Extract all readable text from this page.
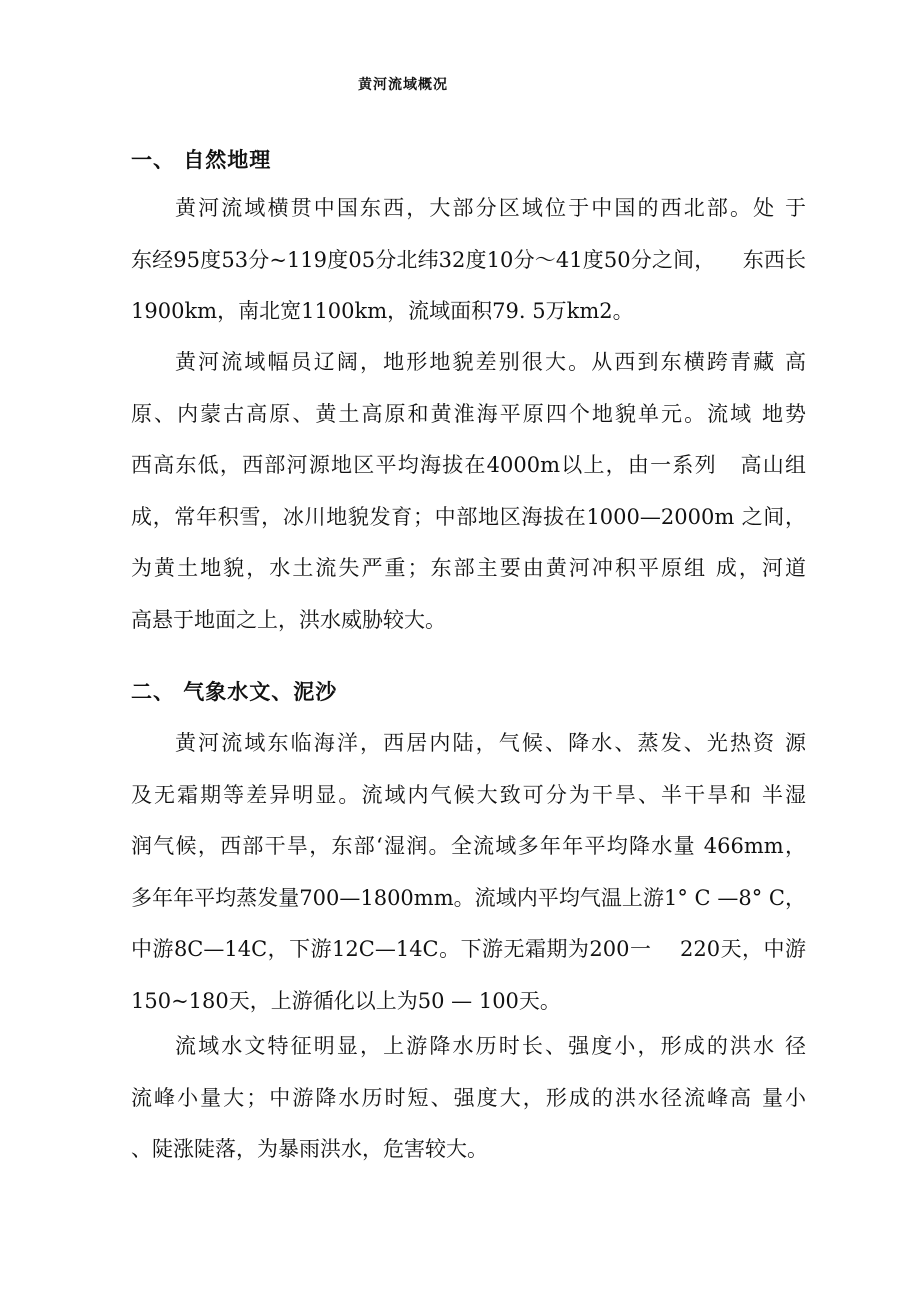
黄河流域概况
一、 自然地理

黄河流域横贯中国东西，大部分区域位于中国的西北部。处 于
东经95度53分~119度05分北纬32度10分～41度50分之间，    东西长
1900km，南北宽1100km，流域面积79. 5万km2。

黄河流域幅员辽阔，地形地貌差别很大。从西到东横跨青藏 高
原、内蒙古高原、黄土高原和黄淮海平原四个地貌单元。流域 地势
西高东低，西部河源地区平均海拔在4000m以上，由一系列   高山组
成，常年积雪，冰川地貌发育；中部地区海拔在1000—2000m 之间，
为黄土地貌，水土流失严重；东部主要由黄河冲积平原组 成，河道
高悬于地面之上，洪水威胁较大。

二、 气象水文、泥沙

黄河流域东临海洋，西居内陆，气候、降水、蒸发、光热资 源
及无霜期等差异明显。流域内气候大致可分为干旱、半干旱和 半湿
润气候，西部干旱，东部‘湿润。全流域多年年平均降水量 466mm，
多年年平均蒸发量700—1800mm。流域内平均气温上游1° C —8° C，
中游8C—14C，下游12C—14C。下游无霜期为200一    220天，中游
150~180天，上游循化以上为50 — 100天。

流域水文特征明显，上游降水历时长、强度小，形成的洪水 径
流峰小量大；中游降水历时短、强度大，形成的洪水径流峰高 量小
、陡涨陡落，为暴雨洪水，危害较大。
